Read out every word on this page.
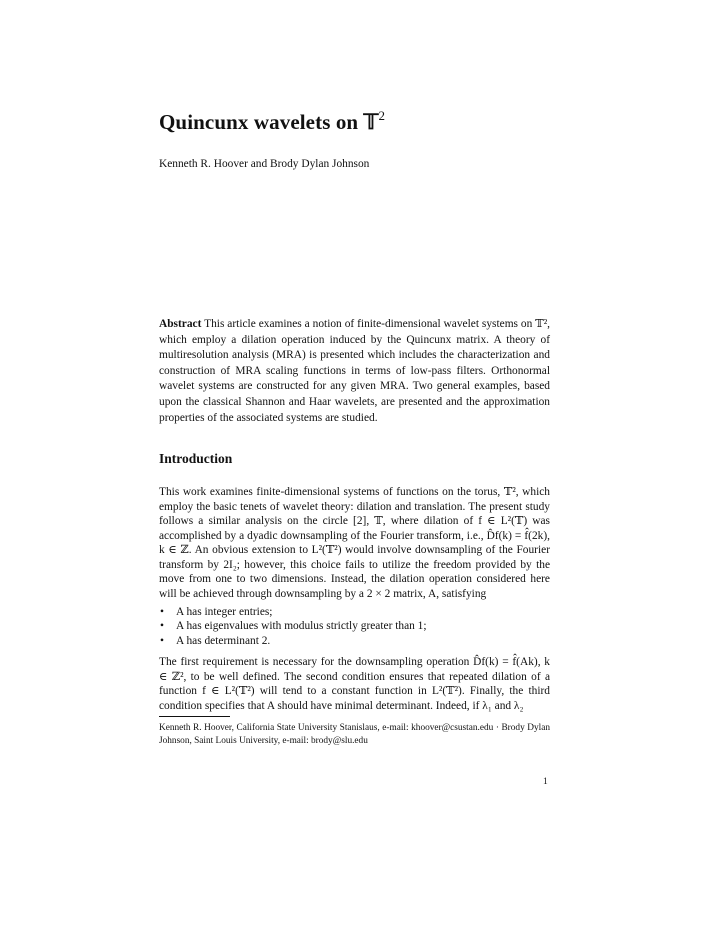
Quincunx wavelets on 𝕋$^2$
Kenneth R. Hoover and Brody Dylan Johnson
Abstract This article examines a notion of finite-dimensional wavelet systems on 𝕋², which employ a dilation operation induced by the Quincunx matrix. A theory of multiresolution analysis (MRA) is presented which includes the characterization and construction of MRA scaling functions in terms of low-pass filters. Orthonormal wavelet systems are constructed for any given MRA. Two general examples, based upon the classical Shannon and Haar wavelets, are presented and the approximation properties of the associated systems are studied.
Introduction
This work examines finite-dimensional systems of functions on the torus, 𝕋², which employ the basic tenets of wavelet theory: dilation and translation. The present study follows a similar analysis on the circle [2], 𝕋, where dilation of f ∈ L²(𝕋) was accomplished by a dyadic downsampling of the Fourier transform, i.e., D̂f(k) = f̂(2k), k ∈ ℤ. An obvious extension to L²(𝕋²) would involve downsampling of the Fourier transform by 2I₂; however, this choice fails to utilize the freedom provided by the move from one to two dimensions. Instead, the dilation operation considered here will be achieved through downsampling by a 2 × 2 matrix, A, satisfying
• A has integer entries;
• A has eigenvalues with modulus strictly greater than 1;
• A has determinant 2.
The first requirement is necessary for the downsampling operation D̂f(k) = f̂(Ak), k ∈ ℤ², to be well defined. The second condition ensures that repeated dilation of a function f ∈ L²(𝕋²) will tend to a constant function in L²(𝕋²). Finally, the third condition specifies that A should have minimal determinant. Indeed, if λ₁ and λ₂
Kenneth R. Hoover, California State University Stanislaus, e-mail: khoover@csustan.edu · Brody Dylan Johnson, Saint Louis University, e-mail: brody@slu.edu
1
